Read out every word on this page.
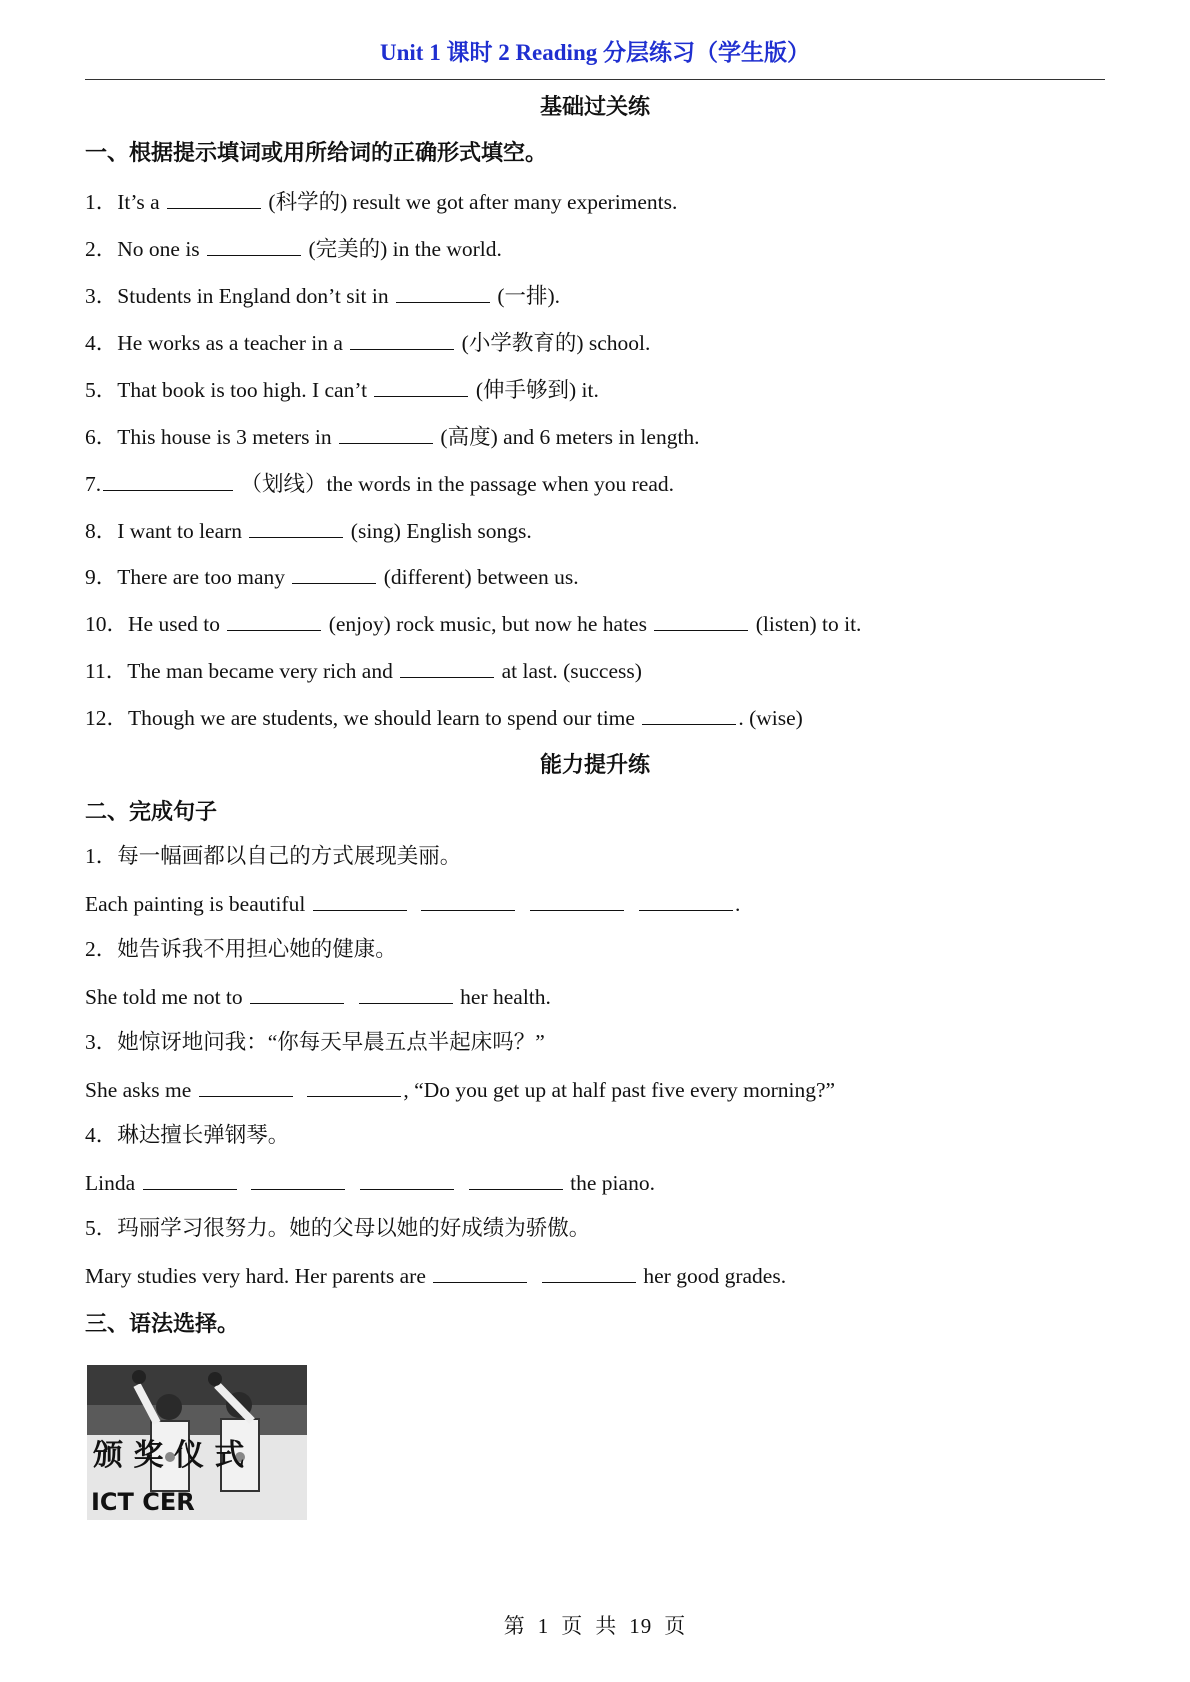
Unit 1 课时 2 Reading 分层练习（学生版）
基础过关练
一、根据提示填词或用所给词的正确形式填空。
1．It’s a	(科学的) result we got after many experiments.
2．No one is	(完美的) in the world.
3．Students in England don’t sit in	(一排).
4．He works as a teacher in a	(小学教育的) school.
5．That book is too high. I can’t	(伸手够到) it.
6．This house is 3 meters in	(高度) and 6 meters in length.
7.	（划线）the words in the passage when you read.
8．I want to learn	(sing) English songs.
9．There are too many	(different) between us.
10．He used to	(enjoy) rock music, but now he hates	(listen) to it.
11．The man became very rich and	at last. (success)
12．Though we are students, we should learn to spend our time	. (wise)
能力提升练
二、完成句子
1．每一幅画都以自己的方式展现美丽。
Each painting is beautiful	.
2．她告诉我不用担心她的健康。
She told me not to	her health.
3．她惊讶地问我：“你每天早晨五点半起床吗？”
She asks me	, “Do you get up at half past five every morning?”
4．琳达擅长弹钢琴。
Linda	the piano.
5．玛丽学习很努力。她的父母以她的好成绩为骄傲。
Mary studies very hard. Her parents are	her good grades.
三、语法选择。
颁 奖 仪 式
ICT CER
第 1 页 共 19 页
